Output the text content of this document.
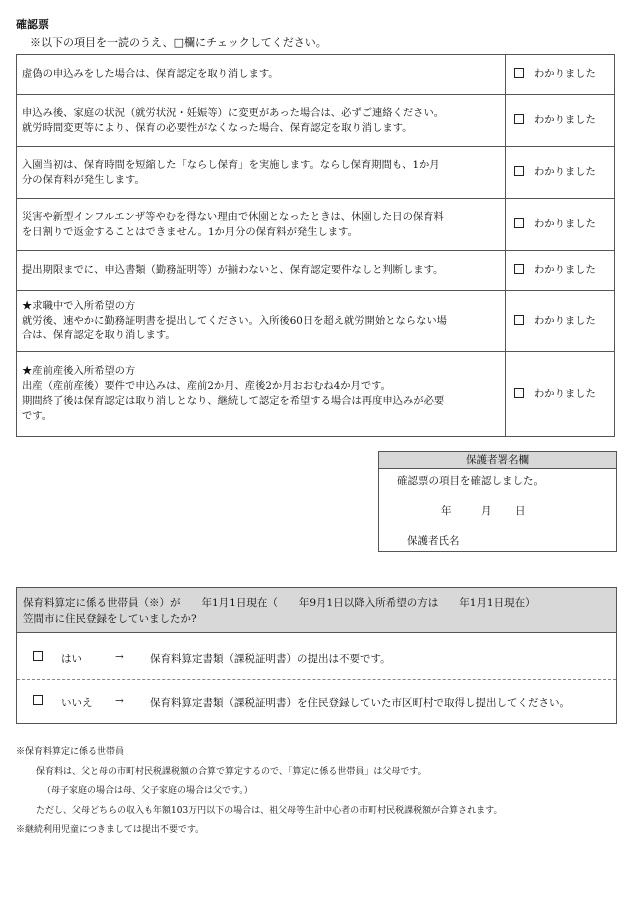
確認票
※以下の項目を一読のうえ、□欄にチェックしてください。
虚偽の申込みをした場合は、保育認定を取り消します。	わかりました
申込み後、家庭の状況（就労状況・妊娠等）に変更があった場合は、必ずご連絡ください。
就労時間変更等により、保育の必要性がなくなった場合、保育認定を取り消します。	わかりました
入園当初は、保育時間を短縮した「ならし保育」を実施します。ならし保育期間も、1か月
分の保育料が発生します。	わかりました
災害や新型インフルエンザ等やむを得ない理由で休園となったときは、休園した日の保育料
を日割りで返金することはできません。1か月分の保育料が発生します。	わかりました
提出期限までに、申込書類（勤務証明等）が揃わないと、保育認定要件なしと判断します。	わかりました
★求職中で入所希望の方
就労後、速やかに勤務証明書を提出してください。入所後60日を超え就労開始とならない場
合は、保育認定を取り消します。	わかりました
★産前産後入所希望の方
出産（産前産後）要件で申込みは、産前2か月、産後2か月おおむね4か月です。
期間終了後は保育認定は取り消しとなり、継続して認定を希望する場合は再度申込みが必要
です。	わかりました
保護者署名欄
確認票の項目を確認しました。
年	月 日
保護者氏名
保育料算定に係る世帯員（※）が　　年1月1日現在（　　年9月1日以降入所希望の方は　　年1月1日現在）
笠間市に住民登録をしていましたか?
はい	→ 保育料算定書類（課税証明書）の提出は不要です。
いいえ → 保育料算定書類（課税証明書）を住民登録していた市区町村で取得し提出してください。
※保育料算定に係る世帯員
保育料は、父と母の市町村民税課税額の合算で算定するので、「算定に係る世帯員」は父母です。
（母子家庭の場合は母、父子家庭の場合は父です。）
ただし、父母どちらの収入も年額103万円以下の場合は、祖父母等生計中心者の市町村民税課税額が合算されます。
※継続利用児童につきましては提出不要です。
